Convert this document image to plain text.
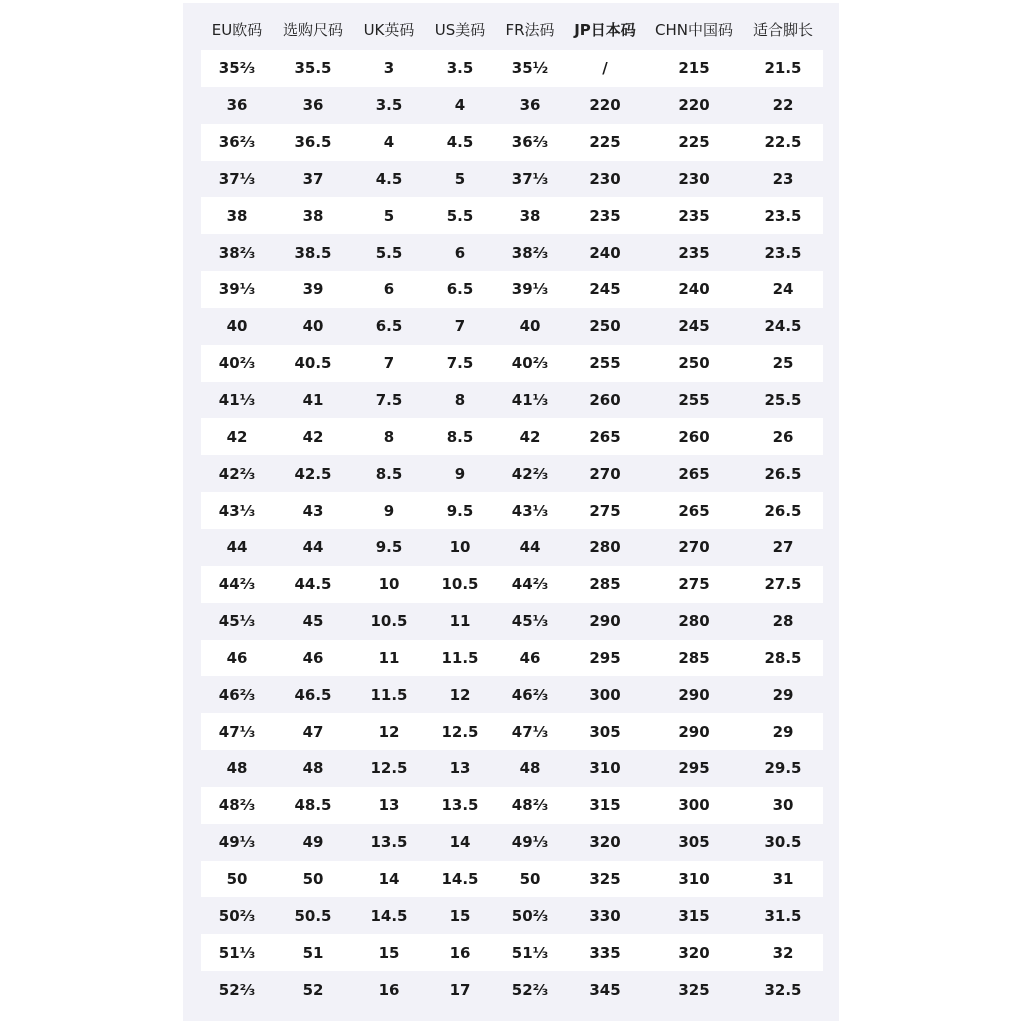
EU欧码	选购尺码	UK英码	US美码	FR法码	JP日本码	CHN中国码	适合脚长
35⅔	35.5	3	3.5	35½	/	215	21.5
36	36	3.5	4	36	220	220	22
36⅔	36.5	4	4.5	36⅔	225	225	22.5
37⅓	37	4.5	5	37⅓	230	230	23
38	38	5	5.5	38	235	235	23.5
38⅔	38.5	5.5	6	38⅔	240	235	23.5
39⅓	39	6	6.5	39⅓	245	240	24
40	40	6.5	7	40	250	245	24.5
40⅔	40.5	7	7.5	40⅔	255	250	25
41⅓	41	7.5	8	41⅓	260	255	25.5
42	42	8	8.5	42	265	260	26
42⅔	42.5	8.5	9	42⅔	270	265	26.5
43⅓	43	9	9.5	43⅓	275	265	26.5
44	44	9.5	10	44	280	270	27
44⅔	44.5	10	10.5	44⅔	285	275	27.5
45⅓	45	10.5	11	45⅓	290	280	28
46	46	11	11.5	46	295	285	28.5
46⅔	46.5	11.5	12	46⅔	300	290	29
47⅓	47	12	12.5	47⅓	305	290	29
48	48	12.5	13	48	310	295	29.5
48⅔	48.5	13	13.5	48⅔	315	300	30
49⅓	49	13.5	14	49⅓	320	305	30.5
50	50	14	14.5	50	325	310	31
50⅔	50.5	14.5	15	50⅔	330	315	31.5
51⅓	51	15	16	51⅓	335	320	32
52⅔	52	16	17	52⅔	345	325	32.5
